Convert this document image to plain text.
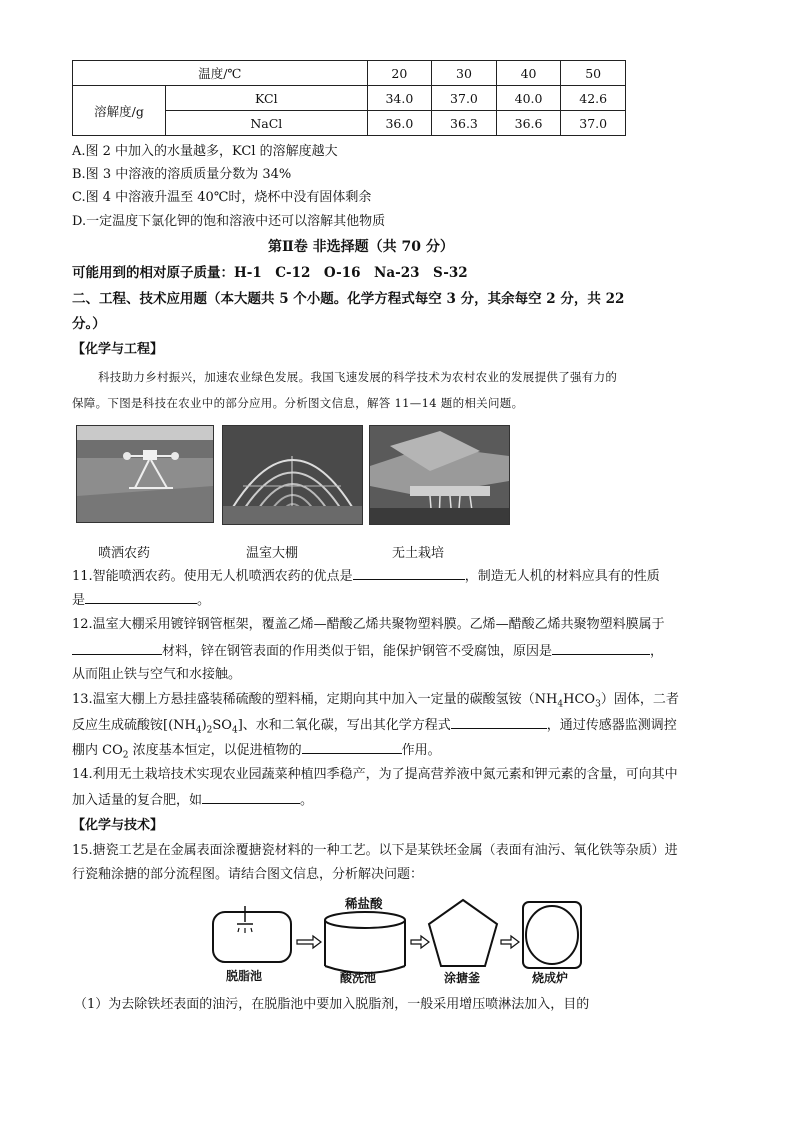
温度/℃		20	30	40	50
溶解度/g	KCl	34.0	37.0	40.0	42.6
	NaCl	36.0	36.3	36.6	37.0
A.图 2 中加入的水量越多，KCl 的溶解度越大
B.图 3 中溶液的溶质质量分数为 34%
C.图 4 中溶液升温至 40℃时，烧杯中没有固体剩余
D.一定温度下氯化钾的饱和溶液中还可以溶解其他物质
第Ⅱ卷 非选择题（共 70 分）
可能用到的相对原子质量：H-1　C-12　O-16　Na-23　S-32
二、工程、技术应用题（本大题共 5 个小题。化学方程式每空 3 分，其余每空 2 分，共 22
分。）
【化学与工程】
科技助力乡村振兴，加速农业绿色发展。我国飞速发展的科学技术为农村农业的发展提供了强有力的
保障。下图是科技在农业中的部分应用。分析图文信息，解答 11—14 题的相关问题。
喷洒农药	温室大棚	无土栽培
11.智能喷洒农药。使用无人机喷洒农药的优点是	，制造无人机的材料应具有的性质
是	。
12.温室大棚采用镀锌钢管框架，覆盖乙烯—醋酸乙烯共聚物塑料膜。乙烯—醋酸乙烯共聚物塑料膜属于
材料，锌在钢管表面的作用类似于铝，能保护钢管不受腐蚀，原因是	，
从而阻止铁与空气和水接触。
13.温室大棚上方悬挂盛装稀硫酸的塑料桶，定期向其中加入一定量的碳酸氢铵$(NH_4HCO_3)$固体，二者
反应生成硫酸铵$[(NH_4)_2SO_4]$、水和二氧化碳，写出其化学方程式	，通过传感器监测调控
棚内 $CO_2$ 浓度基本恒定，以促进植物的	作用。
14.利用无土栽培技术实现农业园蔬菜种植四季稳产，为了提高营养液中氮元素和钾元素的含量，可向其中
加入适量的复合肥，如	。
【化学与技术】
15.搪瓷工艺是在金属表面涂覆搪瓷材料的一种工艺。以下是某铁坯金属（表面有油污、氧化铁等杂质）进
行瓷釉涂搪的部分流程图。请结合图文信息，分析解决问题：
稀盐酸
脱脂池	酸洗池	涂搪釜	烧成炉
（1）为去除铁坯表面的油污，在脱脂池中要加入脱脂剂，一般采用增压喷淋法加入，目的
